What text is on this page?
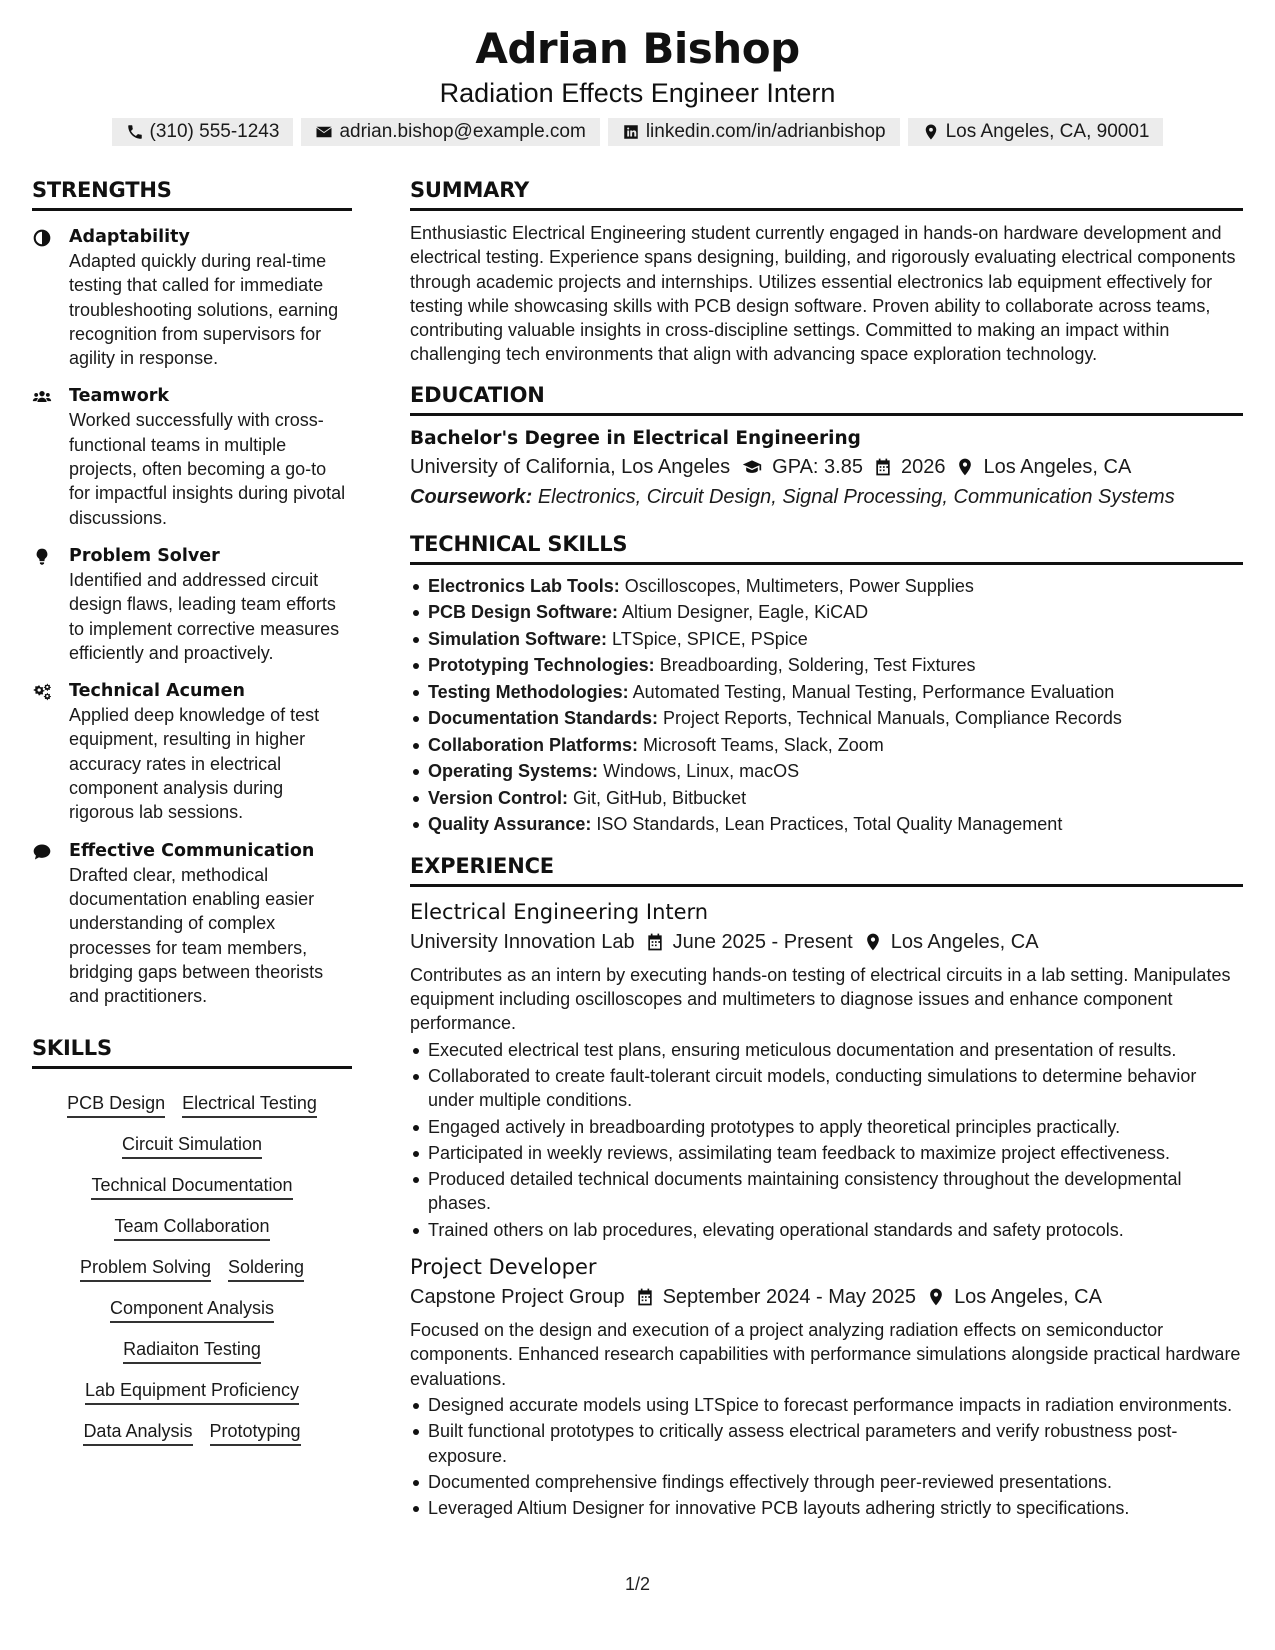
Adrian Bishop
Radiation Effects Engineer Intern
(310) 555-1243	adrian.bishop@example.com	linkedin.com/in/adrianbishop	Los Angeles, CA, 90001
STRENGTHS
Adaptability
Adapted quickly during real-time testing that called for immediate troubleshooting solutions, earning recognition from supervisors for agility in response.
Teamwork
Worked successfully with cross-functional teams in multiple projects, often becoming a go-to for impactful insights during pivotal discussions.
Problem Solver
Identified and addressed circuit design flaws, leading team efforts to implement corrective measures efficiently and proactively.
Technical Acumen
Applied deep knowledge of test equipment, resulting in higher accuracy rates in electrical component analysis during rigorous lab sessions.
Effective Communication
Drafted clear, methodical documentation enabling easier understanding of complex processes for team members, bridging gaps between theorists and practitioners.
SKILLS
PCB Design Electrical Testing
Circuit Simulation
Technical Documentation
Team Collaboration
Problem Solving Soldering
Component Analysis
Radiaiton Testing
Lab Equipment Proficiency
Data Analysis Prototyping
SUMMARY
Enthusiastic Electrical Engineering student currently engaged in hands-on hardware development and electrical testing. Experience spans designing, building, and rigorously evaluating electrical components through academic projects and internships. Utilizes essential electronics lab equipment effectively for testing while showcasing skills with PCB design software. Proven ability to collaborate across teams, contributing valuable insights in cross-discipline settings. Committed to making an impact within challenging tech environments that align with advancing space exploration technology.
EDUCATION
Bachelor's Degree in Electrical Engineering
University of California, Los Angeles GPA: 3.85 2026 Los Angeles, CA
Coursework: Electronics, Circuit Design, Signal Processing, Communication Systems
TECHNICAL SKILLS
Electronics Lab Tools: Oscilloscopes, Multimeters, Power Supplies
PCB Design Software: Altium Designer, Eagle, KiCAD
Simulation Software: LTSpice, SPICE, PSpice
Prototyping Technologies: Breadboarding, Soldering, Test Fixtures
Testing Methodologies: Automated Testing, Manual Testing, Performance Evaluation
Documentation Standards: Project Reports, Technical Manuals, Compliance Records
Collaboration Platforms: Microsoft Teams, Slack, Zoom
Operating Systems: Windows, Linux, macOS
Version Control: Git, GitHub, Bitbucket
Quality Assurance: ISO Standards, Lean Practices, Total Quality Management
EXPERIENCE
Electrical Engineering Intern
University Innovation Lab June 2025 - Present Los Angeles, CA
Contributes as an intern by executing hands-on testing of electrical circuits in a lab setting. Manipulates equipment including oscilloscopes and multimeters to diagnose issues and enhance component performance.
Executed electrical test plans, ensuring meticulous documentation and presentation of results.
Collaborated to create fault-tolerant circuit models, conducting simulations to determine behavior under multiple conditions.
Engaged actively in breadboarding prototypes to apply theoretical principles practically.
Participated in weekly reviews, assimilating team feedback to maximize project effectiveness.
Produced detailed technical documents maintaining consistency throughout the developmental phases.
Trained others on lab procedures, elevating operational standards and safety protocols.
Project Developer
Capstone Project Group September 2024 - May 2025 Los Angeles, CA
Focused on the design and execution of a project analyzing radiation effects on semiconductor components. Enhanced research capabilities with performance simulations alongside practical hardware evaluations.
Designed accurate models using LTSpice to forecast performance impacts in radiation environments.
Built functional prototypes to critically assess electrical parameters and verify robustness post-exposure.
Documented comprehensive findings effectively through peer-reviewed presentations.
Leveraged Altium Designer for innovative PCB layouts adhering strictly to specifications.
1/2
